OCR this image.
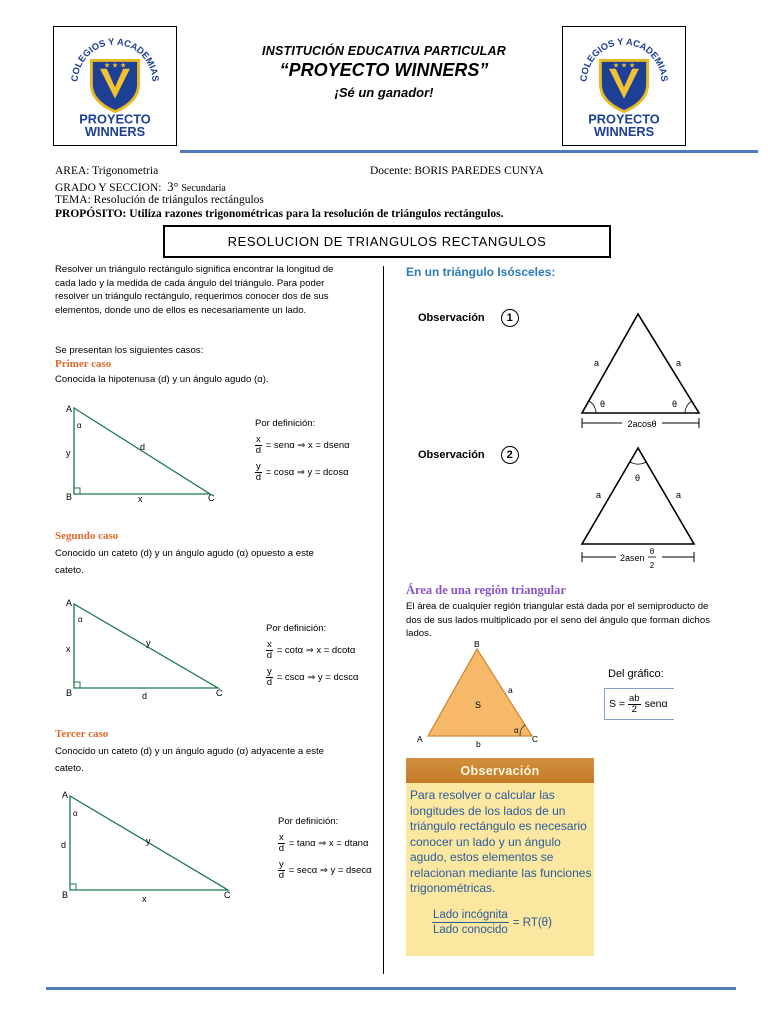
COLEGIOS Y ACADEMIAS
★ ★ ★
PROYECTO
WINNERS
COLEGIOS Y ACADEMIAS
★ ★ ★
PROYECTO
WINNERS
INSTITUCIÓN EDUCATIVA PARTICULAR
“PROYECTO WINNERS”
¡Sé un ganador!
AREA: Trigonometria	Docente: BORIS PAREDES CUNYA
GRADO Y SECCION: 3° Secundaria
TEMA: Resolución de triángulos rectángulos
PROPÓSITO: Utiliza razones trigonométricas para la resolución de triángulos rectángulos.
RESOLUCION DE TRIANGULOS RECTANGULOS
Resolver un triángulo rectángulo significa encontrar la longitud de cada lado y la medida de cada ángulo del triángulo. Para poder resolver un triángulo rectángulo, requerimos conocer dos de sus elementos, donde uno de ellos es necesariamente un lado.
Se presentan los siguientes casos:
Primer caso
Conocida la hipotenusa (d) y un ángulo agudo (α).
A
B	C
y
x
d
α	Por definición:
$\frac{x}{d} = sen\alpha$ ⇒ x = dsenα
$\frac{y}{d} = \cos\alpha$ ⇒ y = dcosα
Segundo caso
Conocido un cateto (d) y un ángulo agudo (α) opuesto a este cateto.
A
B	C
x
d
y
α
Por definición:
$\frac{x}{d} = \cot\alpha$ ⇒ x = dcotα
$\frac{y}{d} = \csc\alpha$ ⇒ y = dcscα
Tercer caso
Conocido un cateto (d) y un ángulo agudo (α) adyacente a este cateto.
A
B	C
d
x
y
α
Por definición:
$\frac{x}{d} = \tan\alpha$ ⇒ x = dtanα
$\frac{y}{d} = \sec\alpha$ ⇒ y = dsecα
En un triángulo Isósceles:
Observación	1
a	a
θ	θ
2acosθ
Observación	2
θ
a	a
2asen
θ
2
Área de una región triangular
El área de cualquier región triangular está dada por el semiproducto de dos de sus lados multiplicado por el seno del ángulo que forman dichos lados.
B
A	C
S
a
b
α
Del gráfico:
S =
$\frac{ab}{2}$ senα
Observación
Para resolver o calcular las longitudes de los lados de un triángulo rectángulo es necesario conocer un lado y un ángulo agudo, estos elementos se relacionan mediante las funciones trigonométricas.
$\frac{\text{Lado incógnita}}{\text{Lado conocido}} = RT(\theta)$
